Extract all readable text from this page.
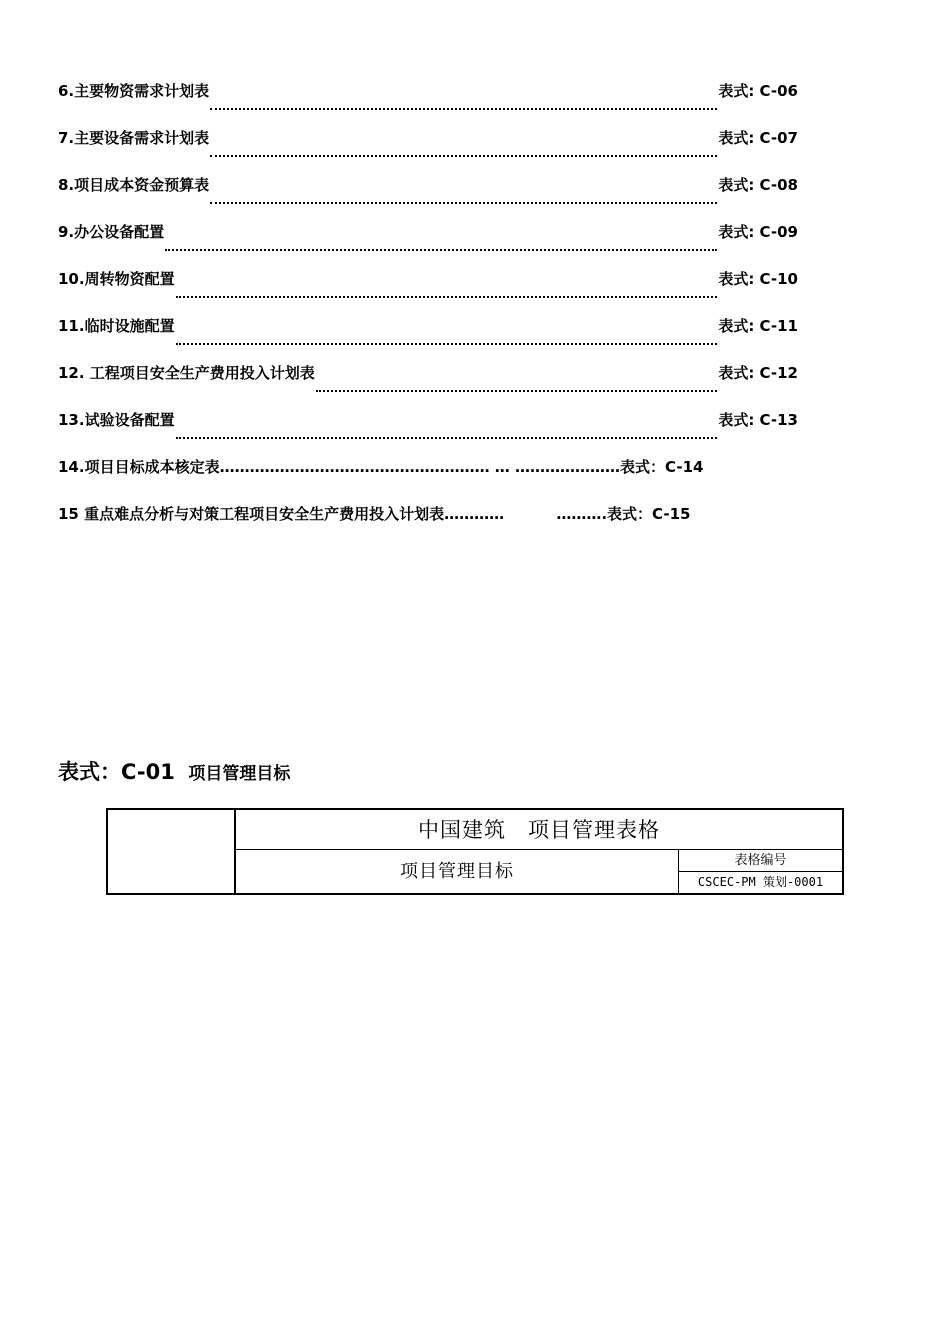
6.主要物资需求计划表	表式: C-06
7.主要设备需求计划表	表式: C-07
8.项目成本资金预算表	表式: C-08
9.办公设备配置	表式: C-09
10.周转物资配置	表式: C-10
11.临时设施配置	表式: C-11
12. 工程项目安全生产费用投入计划表	表式: C-12
13.试验设备配置	表式: C-13
14.项目目标成本核定表 ……………………………………………… … ………………… 表式：C-14
15 重点难点分析与对策工程项目安全生产费用投入计划表 …………          ………. 表式：C-15
表式：C-01 项目管理目标
中国建筑　项目管理表格
项目管理目标
表格编号
CSCEC-PM 策划-0001
